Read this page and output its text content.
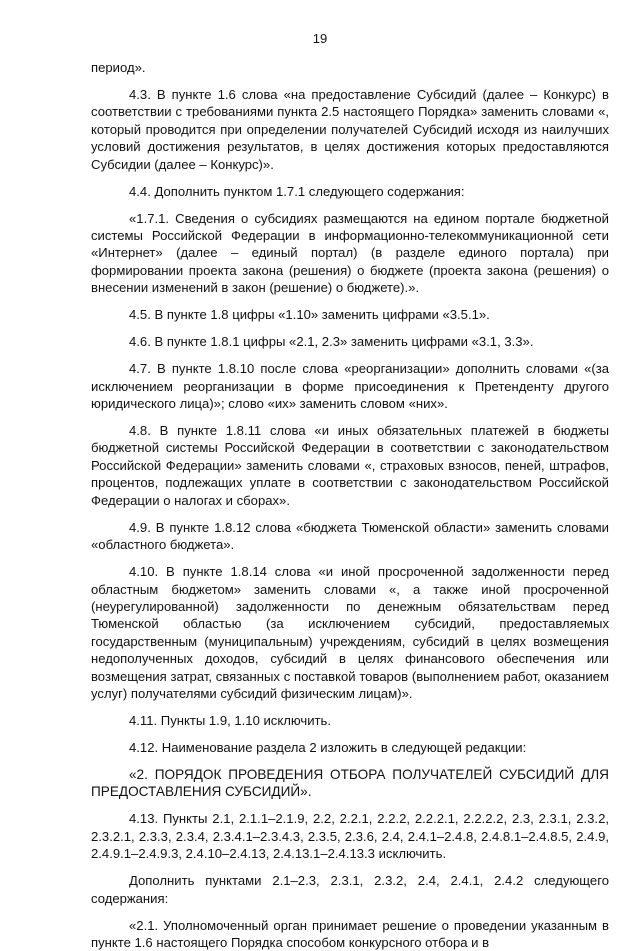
19

период».

4.3. В пункте 1.6 слова «на предоставление Субсидий (далее – Конкурс) в соответствии с требованиями пункта 2.5 настоящего Порядка» заменить словами «, который проводится при определении получателей Субсидий исходя из наилучших условий достижения результатов, в целях достижения которых предоставляются Субсидии (далее – Конкурс)».

4.4. Дополнить пунктом 1.7.1 следующего содержания:

«1.7.1. Сведения о субсидиях размещаются на едином портале бюджетной системы Российской Федерации в информационно-телекоммуникационной сети «Интернет» (далее – единый портал) (в разделе единого портала) при формировании проекта закона (решения) о бюджете (проекта закона (решения) о внесении изменений в закон (решение) о бюджете).».

4.5. В пункте 1.8 цифры «1.10» заменить цифрами «3.5.1».

4.6. В пункте 1.8.1 цифры «2.1, 2.3» заменить цифрами «3.1, 3.3».

4.7. В пункте 1.8.10 после слова «реорганизации» дополнить словами «(за исключением реорганизации в форме присоединения к Претенденту другого юридического лица)»; слово «их» заменить словом «них».

4.8. В пункте 1.8.11 слова «и иных обязательных платежей в бюджеты бюджетной системы Российской Федерации в соответствии с законодательством Российской Федерации» заменить словами «, страховых взносов, пеней, штрафов, процентов, подлежащих уплате в соответствии с законодательством Российской Федерации о налогах и сборах».

4.9. В пункте 1.8.12 слова «бюджета Тюменской области» заменить словами «областного бюджета».

4.10. В пункте 1.8.14 слова «и иной просроченной задолженности перед областным бюджетом» заменить словами «, а также иной просроченной (неурегулированной) задолженности по денежным обязательствам перед Тюменской областью (за исключением субсидий, предоставляемых государственным (муниципальным) учреждениям, субсидий в целях возмещения недополученных доходов, субсидий в целях финансового обеспечения или возмещения затрат, связанных с поставкой товаров (выполнением работ, оказанием услуг) получателями субсидий физическим лицам)».

4.11. Пункты 1.9, 1.10 исключить.

4.12. Наименование раздела 2 изложить в следующей редакции:

«2. ПОРЯДОК ПРОВЕДЕНИЯ ОТБОРА ПОЛУЧАТЕЛЕЙ СУБСИДИЙ ДЛЯ ПРЕДОСТАВЛЕНИЯ СУБСИДИЙ».

4.13. Пункты 2.1, 2.1.1–2.1.9, 2.2, 2.2.1, 2.2.2, 2.2.2.1, 2.2.2.2, 2.3, 2.3.1, 2.3.2, 2.3.2.1, 2.3.3, 2.3.4, 2.3.4.1–2.3.4.3, 2.3.5, 2.3.6, 2.4, 2.4.1–2.4.8, 2.4.8.1–2.4.8.5, 2.4.9, 2.4.9.1–2.4.9.3, 2.4.10–2.4.13, 2.4.13.1–2.4.13.3 исключить.

Дополнить пунктами 2.1–2.3, 2.3.1, 2.3.2, 2.4, 2.4.1, 2.4.2 следующего содержания:

«2.1. Уполномоченный орган принимает решение о проведении указанным в пункте 1.6 настоящего Порядка способом конкурсного отбора и в
